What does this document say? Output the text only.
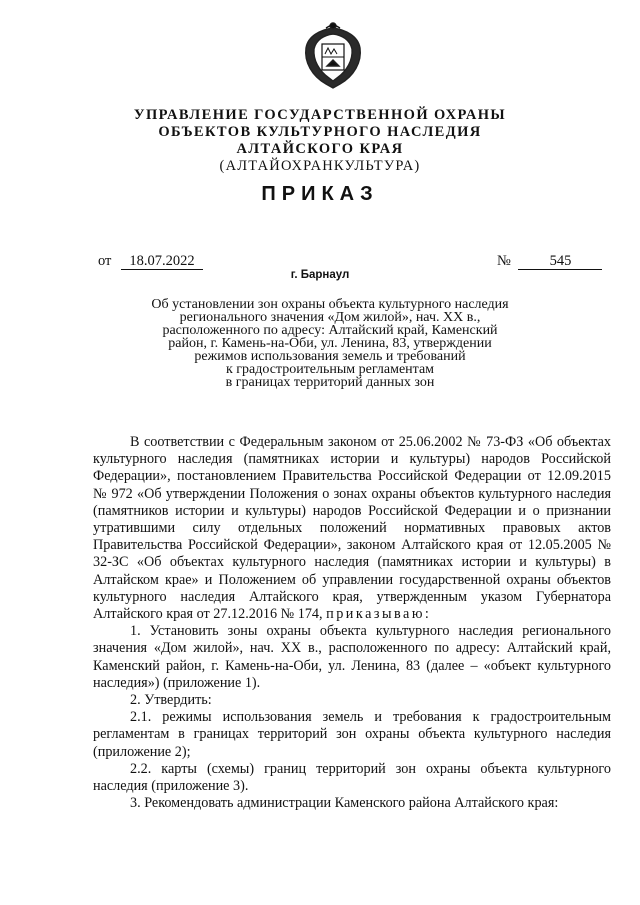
УПРАВЛЕНИЕ ГОСУДАРСТВЕННОЙ ОХРАНЫ
ОБЪЕКТОВ КУЛЬТУРНОГО НАСЛЕДИЯ
АЛТАЙСКОГО КРАЯ
(АЛТАЙОХРАНКУЛЬТУРА)
ПРИКАЗ
от 18.07.2022	№	545
г. Барнаул
Об установлении зон охраны объекта культурного наследия
регионального значения «Дом жилой», нач. XX в.,
расположенного по адресу: Алтайский край, Каменский
район, г. Камень-на-Оби, ул. Ленина, 83, утверждении
режимов использования земель и требований
к градостроительным регламентам
в границах территорий данных зон

В соответствии с Федеральным законом от 25.06.2002 № 73-ФЗ «Об объектах культурного наследия (памятниках истории и культуры) народов Российской Федерации», постановлением Правительства Российской Федерации от 12.09.2015 № 972 «Об утверждении Положения о зонах охраны объектов культурного наследия (памятников истории и культуры) народов Российской Федерации и о признании утратившими силу отдельных положений нормативных правовых актов Правительства Российской Федерации», законом Алтайского края от 12.05.2005 № 32-ЗС «Об объектах культурного наследия (памятниках истории и культуры) в Алтайском крае» и Положением об управлении государственной охраны объектов культурного наследия Алтайского края, утвержденным указом Губернатора Алтайского края от 27.12.2016 № 174, приказываю:

1. Установить зоны охраны объекта культурного наследия регионального значения «Дом жилой», нач. XX в., расположенного по адресу: Алтайский край, Каменский район, г. Камень-на-Оби, ул. Ленина, 83 (далее – «объект культурного наследия») (приложение 1).

2. Утвердить:

2.1. режимы использования земель и требования к градостроительным регламентам в границах территорий зон охраны объекта культурного наследия (приложение 2);

2.2. карты (схемы) границ территорий зон охраны объекта культурного наследия (приложение 3).

3. Рекомендовать администрации Каменского района Алтайского края:
